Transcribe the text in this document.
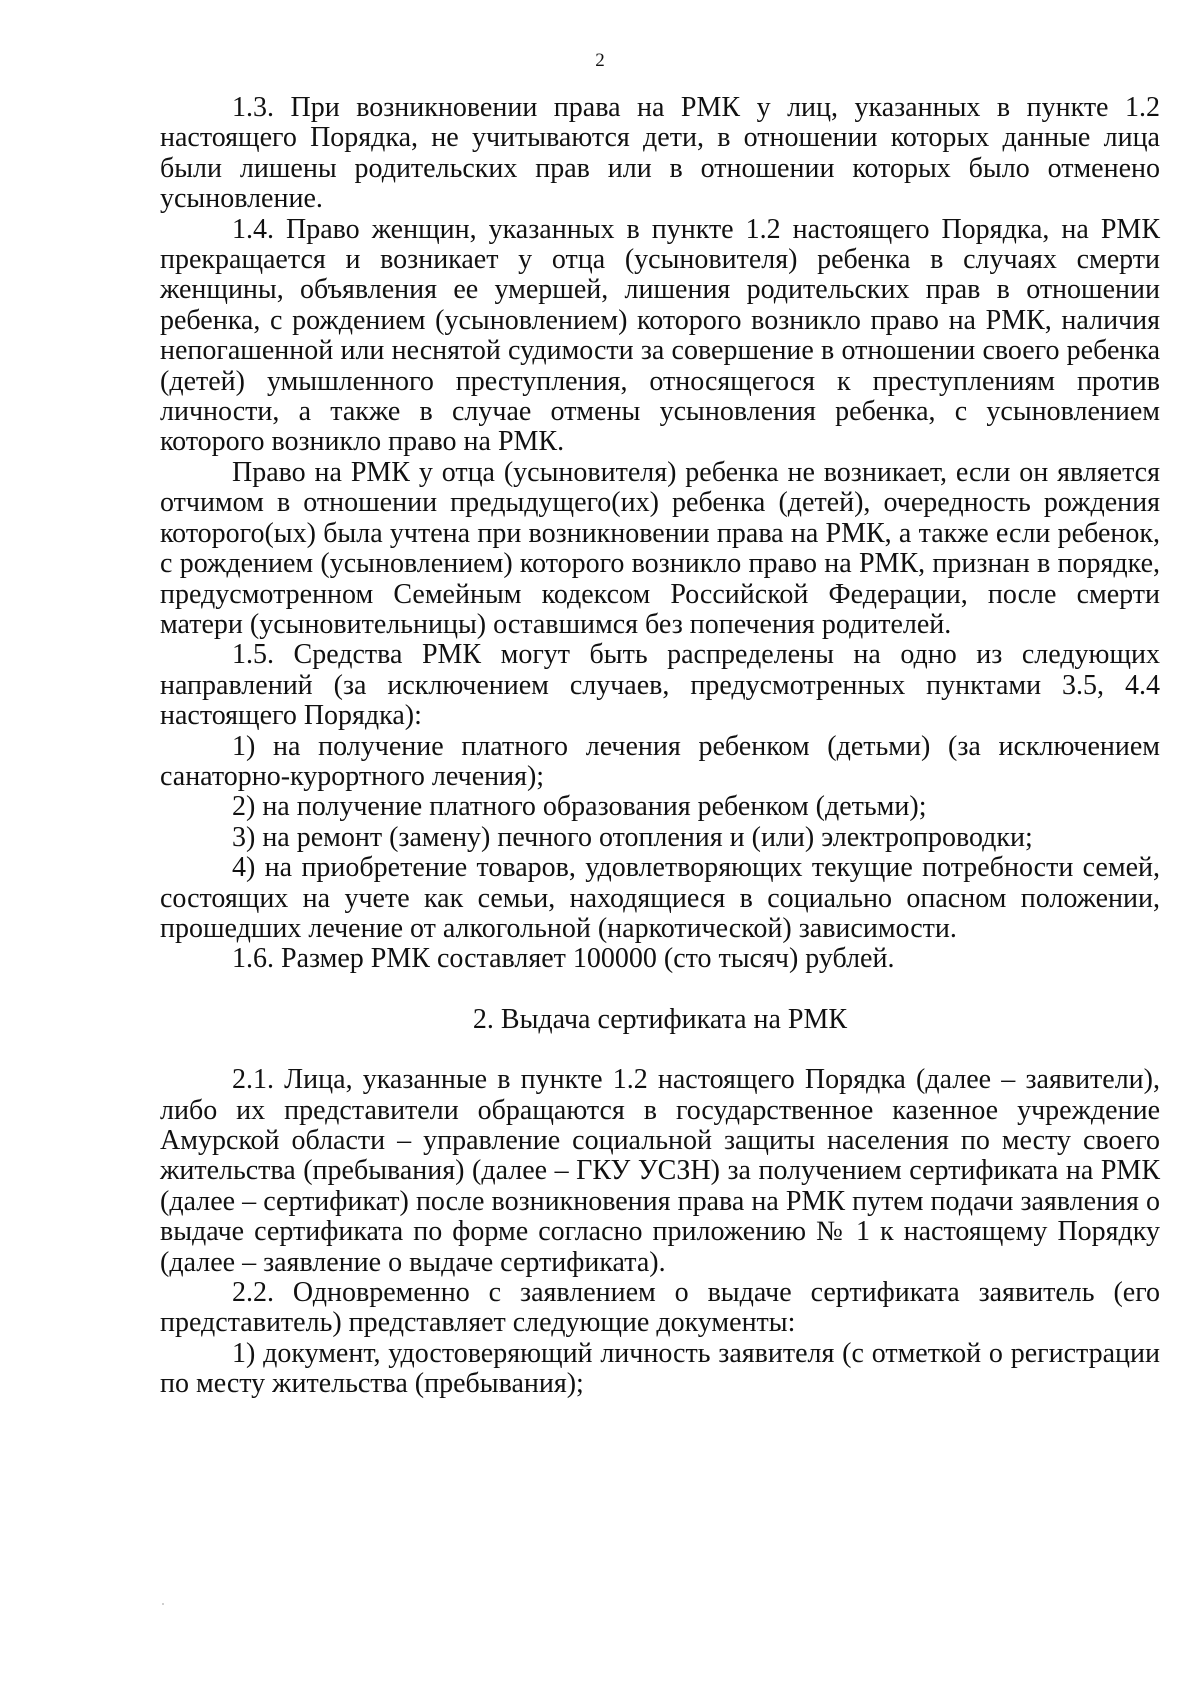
2

1.3. При возникновении права на РМК у лиц, указанных в пункте 1.2 настоящего Порядка, не учитываются дети, в отношении которых данные лица были лишены родительских прав или в отношении которых было отменено усыновление.

1.4. Право женщин, указанных в пункте 1.2 настоящего Порядка, на РМК прекращается и возникает у отца (усыновителя) ребенка в случаях смерти женщины, объявления ее умершей, лишения родительских прав в отношении ребенка, с рождением (усыновлением) которого возникло право на РМК, наличия непогашенной или неснятой судимости за совершение в отношении своего ребенка (детей) умышленного преступления, относящегося к преступлениям против личности, а также в случае отмены усыновления ребенка, с усыновлением которого возникло право на РМК.

Право на РМК у отца (усыновителя) ребенка не возникает, если он является отчимом в отношении предыдущего(их) ребенка (детей), очередность рождения которого(ых) была учтена при возникновении права на РМК, а также если ребенок, с рождением (усыновлением) которого возникло право на РМК, признан в порядке, предусмотренном Семейным кодексом Российской Федерации, после смерти матери (усыновительницы) оставшимся без попечения родителей.

1.5. Средства РМК могут быть распределены на одно из следующих направлений (за исключением случаев, предусмотренных пунктами 3.5, 4.4 настоящего Порядка):

1) на получение платного лечения ребенком (детьми) (за исключением санаторно-курортного лечения);

2) на получение платного образования ребенком (детьми);

3) на ремонт (замену) печного отопления и (или) электропроводки;

4) на приобретение товаров, удовлетворяющих текущие потребности семей, состоящих на учете как семьи, находящиеся в социально опасном положении, прошедших лечение от алкогольной (наркотической) зависимости.

1.6. Размер РМК составляет 100000 (сто тысяч) рублей.

2. Выдача сертификата на РМК

2.1. Лица, указанные в пункте 1.2 настоящего Порядка (далее – заявители), либо их представители обращаются в государственное казенное учреждение Амурской области – управление социальной защиты населения по месту своего жительства (пребывания) (далее – ГКУ УСЗН) за получением сертификата на РМК (далее – сертификат) после возникновения права на РМК путем подачи заявления о выдаче сертификата по форме согласно приложению № 1 к настоящему Порядку (далее – заявление о выдаче сертификата).

2.2. Одновременно с заявлением о выдаче сертификата заявитель (его представитель) представляет следующие документы:

1) документ, удостоверяющий личность заявителя (с отметкой о регистрации по месту жительства (пребывания);
